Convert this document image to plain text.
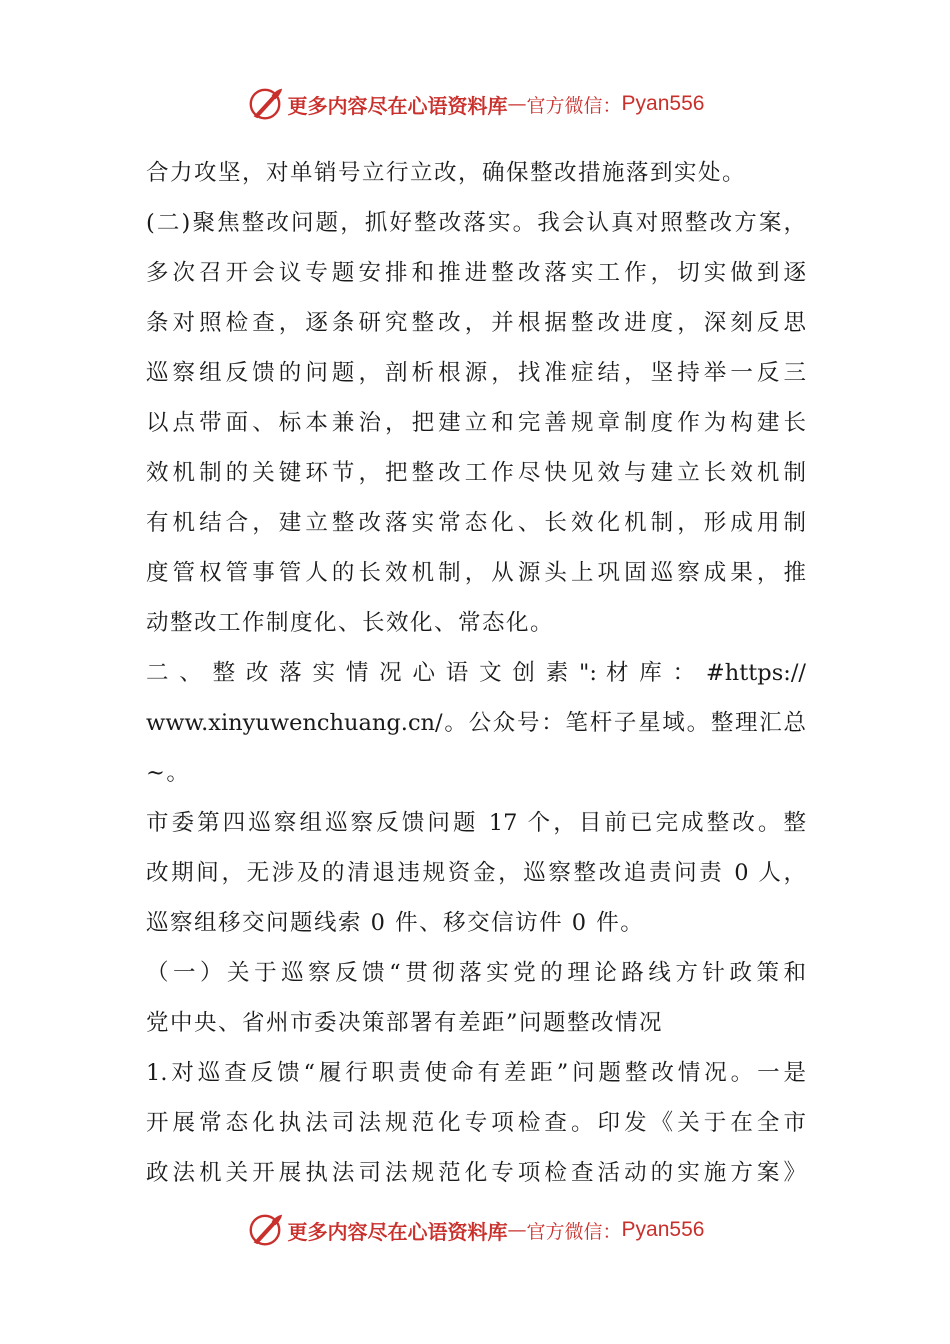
更多内容尽在心语资料库 — 官方微信： Pyan556
合力攻坚，对单销号立行立改，确保整改措施落到实处。
(二)聚焦整改问题，抓好整改落实。我会认真对照整改方案，
多次召开会议专题安排和推进整改落实工作，切实做到逐
条对照检查，逐条研究整改，并根据整改进度，深刻反思
巡察组反馈的问题，剖析根源，找准症结，坚持举一反三
以点带面、标本兼治，把建立和完善规章制度作为构建长
效机制的关键环节，把整改工作尽快见效与建立长效机制
有机结合，建立整改落实常态化、长效化机制，形成用制
度管权管事管人的长效机制，从源头上巩固巡察成果，推
动整改工作制度化、长效化、常态化。
二 、 整 改 落 实 情 况 心 语 文 创 素 ": 材 库 ： #https://
www.xinyuwenchuang.cn/。公众号：笔杆子星域。整理汇总
~。
市委第四巡察组巡察反馈问题 17 个，目前已完成整改。整
改期间，无涉及的清退违规资金，巡察整改追责问责 0 人，
巡察组移交问题线索 0 件、移交信访件 0 件。
（一）关于巡察反馈“贯彻落实党的理论路线方针政策和
党中央、省州市委决策部署有差距”问题整改情况
1.对巡查反馈“履行职责使命有差距”问题整改情况。一是
开展常态化执法司法规范化专项检查。印发《关于在全市
政法机关开展执法司法规范化专项检查活动的实施方案》
更多内容尽在心语资料库 — 官方微信： Pyan556
